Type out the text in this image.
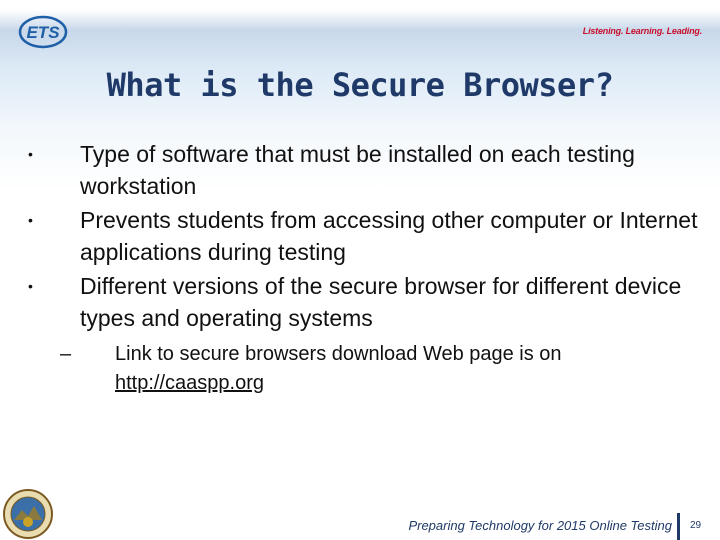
ETS	Listening. Learning. Leading.
What is the Secure Browser?
•	Type of software that must be installed on each testing workstation
•	Prevents students from accessing other computer or Internet applications during testing
•	Different versions of the secure browser for different device types and operating systems
– Link to secure browsers download Web page is on
http://caaspp.org
Preparing Technology for 2015 Online Testing 29
